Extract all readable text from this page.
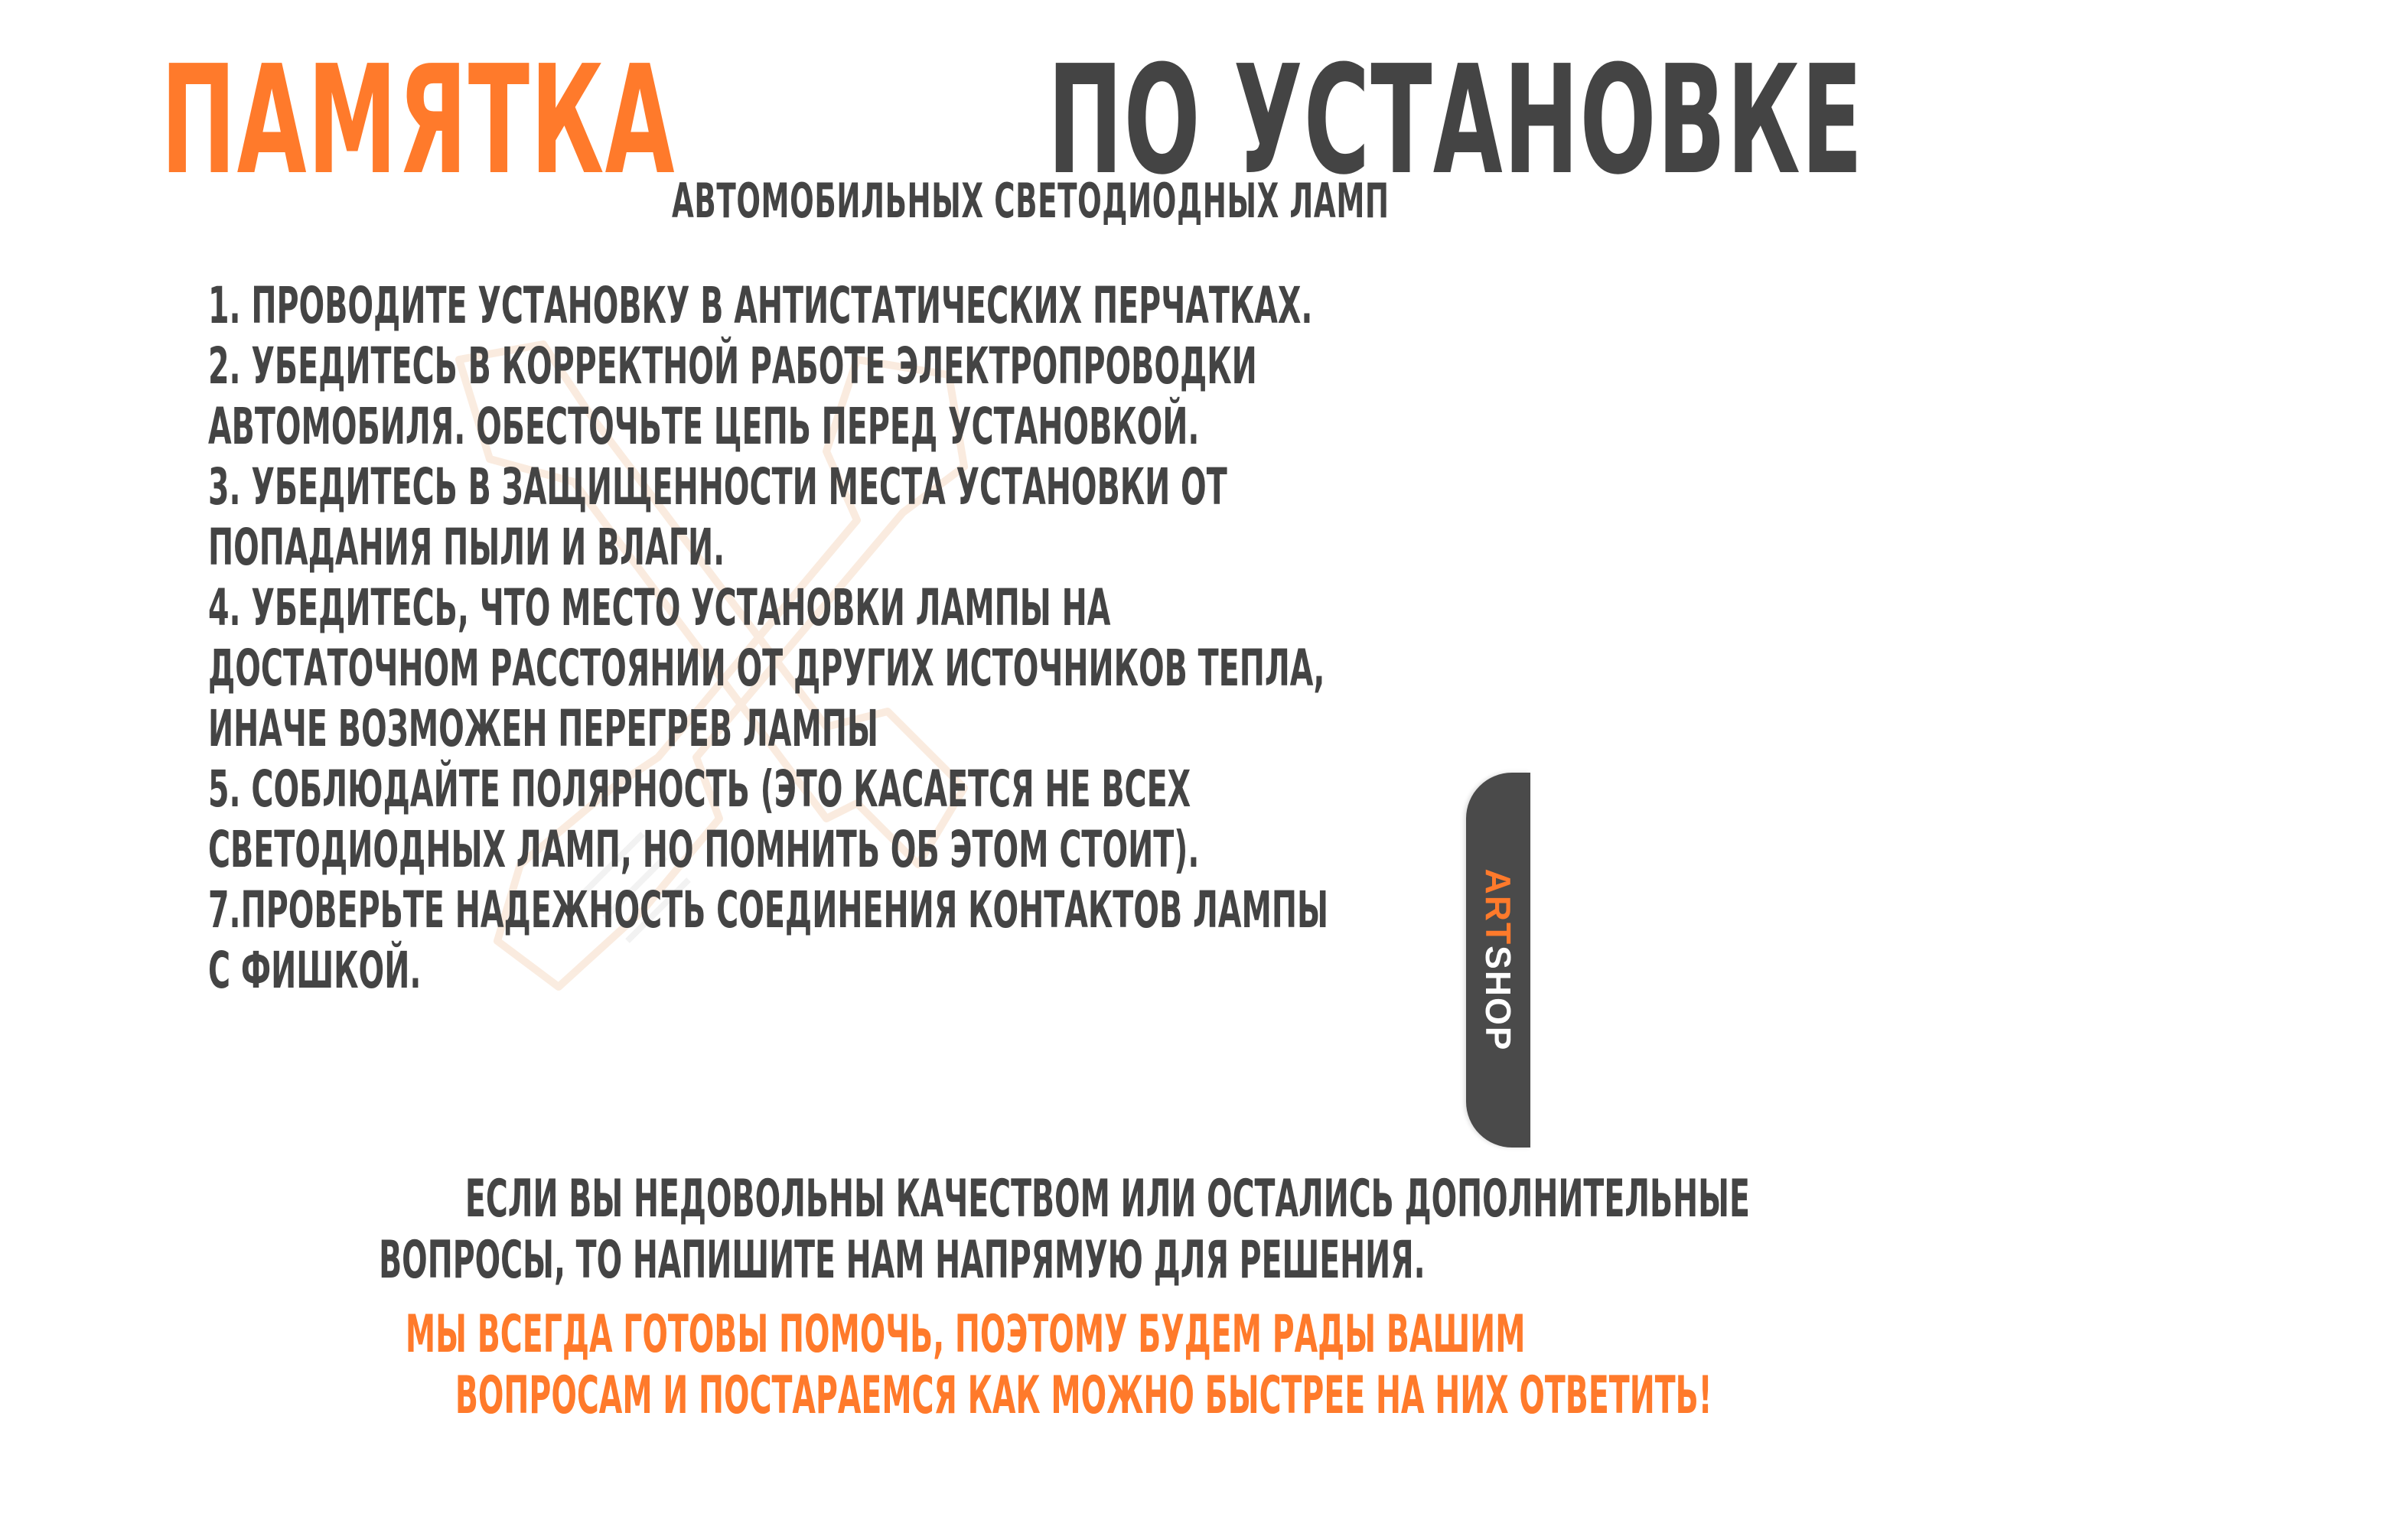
ПАМЯТКА ПО УСТАНОВКЕ
АВТОМОБИЛЬНЫХ СВЕТОДИОДНЫХ ЛАМП
1. ПРОВОДИТЕ УСТАНОВКУ В АНТИСТАТИЧЕСКИХ ПЕРЧАТКАХ.
2. УБЕДИТЕСЬ В КОРРЕКТНОЙ РАБОТЕ ЭЛЕКТРОПРОВОДКИ
АВТОМОБИЛЯ. ОБЕСТОЧЬТЕ ЦЕПЬ ПЕРЕД УСТАНОВКОЙ.
3. УБЕДИТЕСЬ В ЗАЩИЩЕННОСТИ МЕСТА УСТАНОВКИ ОТ
ПОПАДАНИЯ ПЫЛИ И ВЛАГИ.
4. УБЕДИТЕСЬ, ЧТО МЕСТО УСТАНОВКИ ЛАМПЫ НА
ДОСТАТОЧНОМ РАССТОЯНИИ ОТ ДРУГИХ ИСТОЧНИКОВ ТЕПЛА,
ИНАЧЕ ВОЗМОЖЕН ПЕРЕГРЕВ ЛАМПЫ
5. СОБЛЮДАЙТЕ ПОЛЯРНОСТЬ (ЭТО КАСАЕТСЯ НЕ ВСЕХ
СВЕТОДИОДНЫХ ЛАМП, НО ПОМНИТЬ ОБ ЭТОМ СТОИТ).
7.ПРОВЕРЬТЕ НАДЕЖНОСТЬ СОЕДИНЕНИЯ КОНТАКТОВ ЛАМПЫ
С ФИШКОЙ.
ЕСЛИ ВЫ НЕДОВОЛЬНЫ КАЧЕСТВОМ ИЛИ ОСТАЛИСЬ ДОПОЛНИТЕЛЬНЫЕ
ВОПРОСЫ, ТО НАПИШИТЕ НАМ НАПРЯМУЮ ДЛЯ РЕШЕНИЯ.
МЫ ВСЕГДА ГОТОВЫ ПОМОЧЬ, ПОЭТОМУ БУДЕМ РАДЫ ВАШИМ
ВОПРОСАМ И ПОСТАРАЕМСЯ КАК МОЖНО БЫСТРЕЕ НА НИХ ОТВЕТИТЬ!
ARTSHOP
